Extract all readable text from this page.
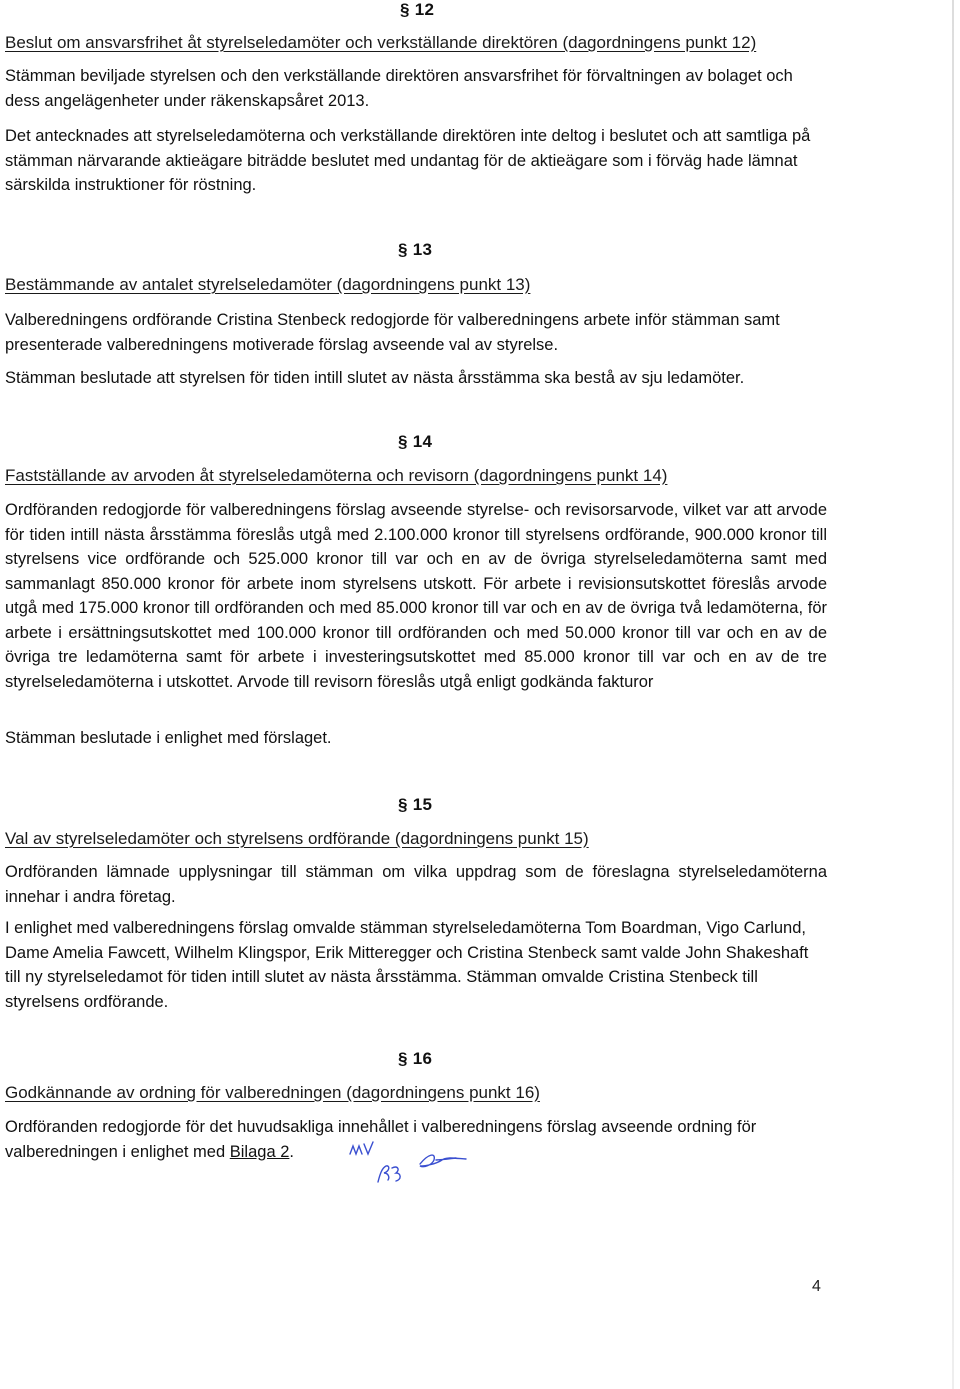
§ 12
Beslut om ansvarsfrihet åt styrelseledamöter och verkställande direktören (dagordningens punkt 12)

Stämman beviljade styrelsen och den verkställande direktören ansvarsfrihet för förvaltningen av bolaget och dess angelägenheter under räkenskapsåret 2013.

Det antecknades att styrelseledamöterna och verkställande direktören inte deltog i beslutet och att samtliga på stämman närvarande aktieägare biträdde beslutet med undantag för de aktieägare som i förväg hade lämnat särskilda instruktioner för röstning.

§ 13
Bestämmande av antalet styrelseledamöter (dagordningens punkt 13)

Valberedningens ordförande Cristina Stenbeck redogjorde för valberedningens arbete inför stämman samt presenterade valberedningens motiverade förslag avseende val av styrelse.

Stämman beslutade att styrelsen för tiden intill slutet av nästa årsstämma ska bestå av sju ledamöter.

§ 14
Fastställande av arvoden åt styrelseledamöterna och revisorn (dagordningens punkt 14)

Ordföranden redogjorde för valberedningens förslag avseende styrelse- och revisorsarvode, vilket var att arvode för tiden intill nästa årsstämma föreslås utgå med 2.100.000 kronor till styrelsens ordförande, 900.000 kronor till styrelsens vice ordförande och 525.000 kronor till var och en av de övriga styrelseledamöterna samt med sammanlagt 850.000 kronor för arbete inom styrelsens utskott. För arbete i revisionsutskottet föreslås arvode utgå med 175.000 kronor till ordföranden och med 85.000 kronor till var och en av de övriga två ledamöterna, för arbete i ersättningsutskottet med 100.000 kronor till ordföranden och med 50.000 kronor till var och en av de övriga tre ledamöterna samt för arbete i investeringsutskottet med 85.000 kronor till var och en av de tre styrelseledamöterna i utskottet. Arvode till revisorn föreslås utgå enligt godkända fakturor

Stämman beslutade i enlighet med förslaget.

§ 15
Val av styrelseledamöter och styrelsens ordförande (dagordningens punkt 15)

Ordföranden lämnade upplysningar till stämman om vilka uppdrag som de föreslagna styrelseledamöterna innehar i andra företag.

I enlighet med valberedningens förslag omvalde stämman styrelseledamöterna Tom Boardman, Vigo Carlund, Dame Amelia Fawcett, Wilhelm Klingspor, Erik Mitteregger och Cristina Stenbeck samt valde John Shakeshaft till ny styrelseledamot för tiden intill slutet av nästa årsstämma. Stämman omvalde Cristina Stenbeck till styrelsens ordförande.

§ 16
Godkännande av ordning för valberedningen (dagordningens punkt 16)

Ordföranden redogjorde för det huvudsakliga innehållet i valberedningens förslag avseende ordning för valberedningen i enlighet med Bilaga 2.

4
